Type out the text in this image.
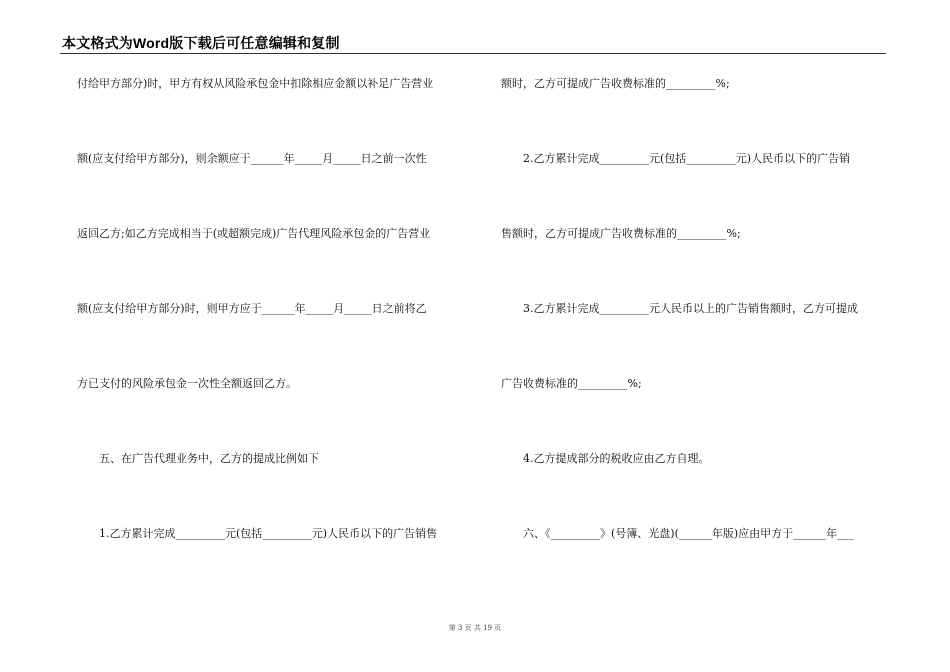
本文格式为Word版下载后可任意编辑和复制
付给甲方部分)时，甲方有权从风险承包金中扣除相应金额以补足广告营业
额(应支付给甲方部分)，则余额应于______年_____月_____日之前一次性
返回乙方;如乙方完成相当于(或超额完成)广告代理风险承包金的广告营业
额(应支付给甲方部分)时，则甲方应于______年_____月_____日之前将乙
方已支付的风险承包金一次性全额返回乙方。
　　五、在广告代理业务中，乙方的提成比例如下
　　1.乙方累计完成_________元(包括_________元)人民币以下的广告销售
额时，乙方可提成广告收费标准的_________%;
　　2.乙方累计完成_________元(包括_________元)人民币以下的广告销
售额时，乙方可提成广告收费标准的_________%;
　　3.乙方累计完成_________元人民币以上的广告销售额时，乙方可提成
广告收费标准的_________%;
　　4.乙方提成部分的税收应由乙方自理。
　　六、《_________》(号簿、光盘)(______年版)应由甲方于______年___
第 3 页 共 19 页
